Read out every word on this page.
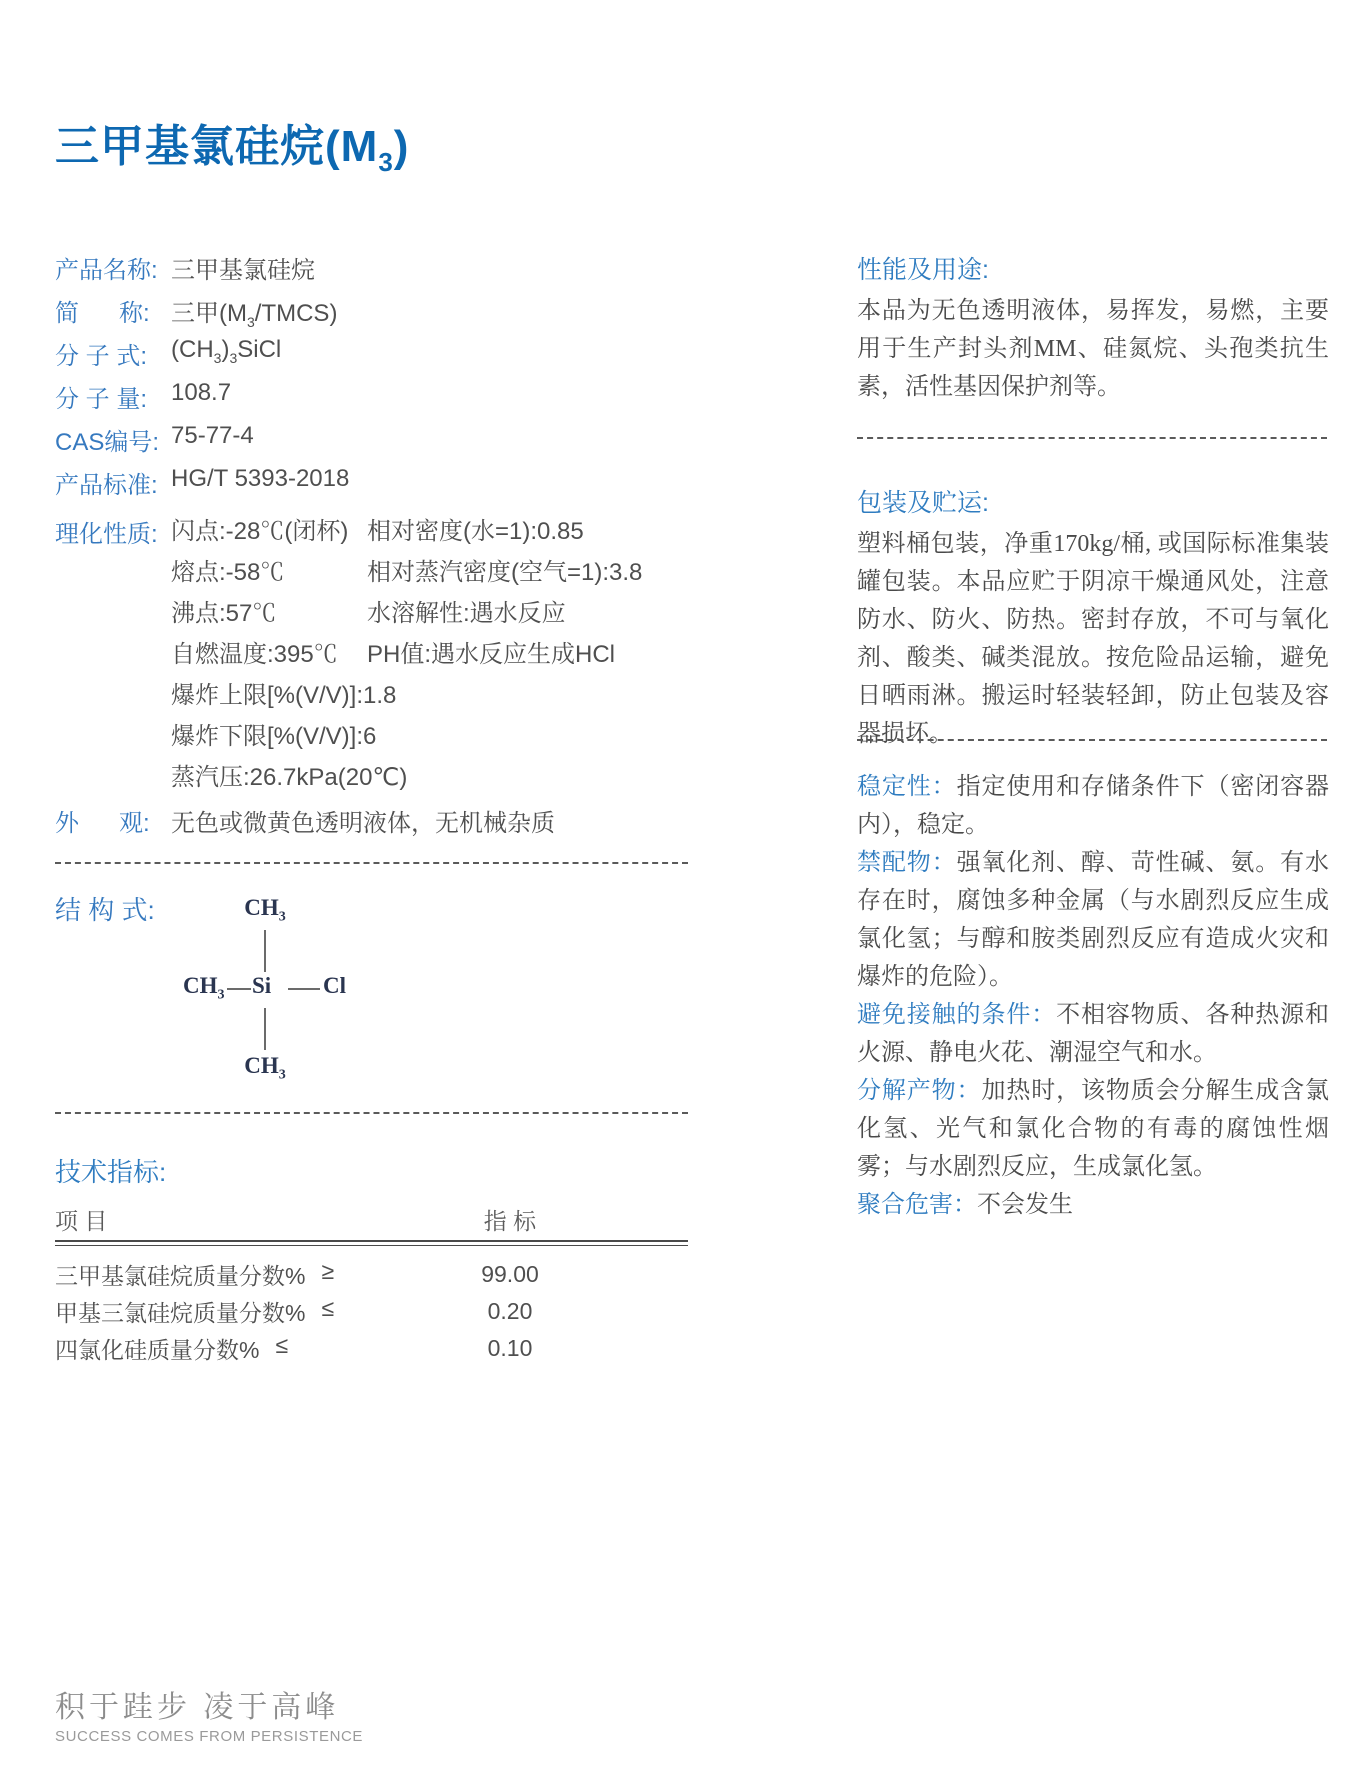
三甲基氯硅烷$(M_3)$
产品名称: 三甲基氯硅烷
简      称: 三甲$(M_3/TMCS)$
分 子 式: $(CH_3)_3SiCl$
分 子 量: 108.7
CAS编号: 75-77-4
产品标准: HG/T 5393-2018
理化性质: 闪点:-28℃(闭杯) 相对密度(水=1):0.85
熔点:-58℃	相对蒸汽密度(空气=1):3.8
沸点:57℃	水溶解性:遇水反应
自燃温度:395℃	PH值:遇水反应生成HCl
爆炸上限[%(V/V)]:1.8
爆炸下限[%(V/V)]:6
蒸汽压:26.7kPa(20℃)
外      观: 无色或微黄色透明液体，无机械杂质
结 构 式:	$CH_3$
$CH_3$ Si Cl
$CH_3$
技术指标:
项 目	指 标
三甲基氯硅烷质量分数% ≥	99.00
甲基三氯硅烷质量分数% ≤	0.20
四氯化硅质量分数% ≤	0.10

性能及用途:

本品为无色透明液体，易挥发，易燃，主要用于生产封头剂MM、硅氮烷、头孢类抗生素，活性基因保护剂等。

包装及贮运:

塑料桶包装，净重170kg/桶, 或国际标准集装罐包装。本品应贮于阴凉干燥通风处，注意防水、防火、防热。密封存放，不可与氧化剂、酸类、碱类混放。按危险品运输，避免日晒雨淋。搬运时轻装轻卸，防止包装及容器损坏。

稳定性：指定使用和存储条件下（密闭容器内），稳定。

禁配物：强氧化剂、醇、苛性碱、氨。有水存在时，腐蚀多种金属（与水剧烈反应生成氯化氢；与醇和胺类剧烈反应有造成火灾和爆炸的危险）。

避免接触的条件：不相容物质、各种热源和火源、静电火花、潮湿空气和水。

分解产物：加热时，该物质会分解生成含氯化氢、光气和氯化合物的有毒的腐蚀性烟雾；与水剧烈反应，生成氯化氢。

聚合危害：不会发生

积于跬步 凌于高峰

SUCCESS COMES FROM PERSISTENCE
